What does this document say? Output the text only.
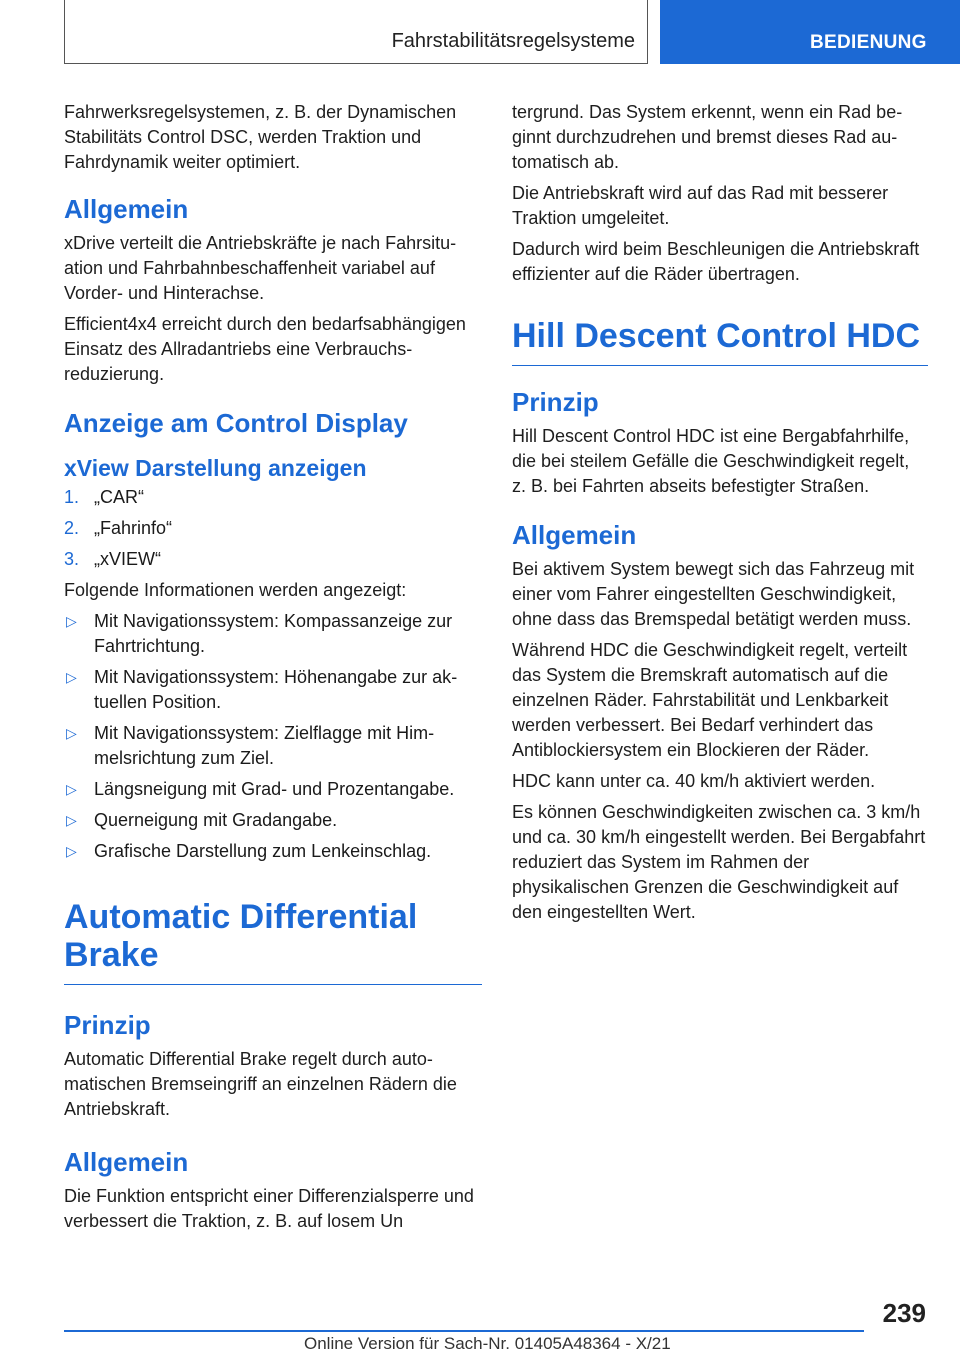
Fahrstabilitätsregelsysteme	BEDIENUNG

Fahrwerksregelsystemen, z. B. der Dynamischen Stabilitäts Control DSC, werden Traktion und Fahrdynamik weiter optimiert.

Allgemein

xDrive verteilt die Antriebskräfte je nach Fahrsituation und Fahrbahnbeschaffenheit variabel auf Vorder- und Hinterachse.

Efficient4x4 erreicht durch den bedarfsabhängigen Einsatz des Allradantriebs eine Verbrauchsreduzierung.

Anzeige am Control Display
xView Darstellung anzeigen
1. „CAR“
2. „Fahrinfo“
3. „xVIEW“

Folgende Informationen werden angezeigt:

▷ Mit Navigationssystem: Kompassanzeige zur Fahrtrichtung.
▷ Mit Navigationssystem: Höhenangabe zur aktuellen Position.
▷ Mit Navigationssystem: Zielflagge mit Himmelsrichtung zum Ziel.
▷ Längsneigung mit Grad- und Prozentangabe.
▷ Querneigung mit Gradangabe.
▷ Grafische Darstellung zum Lenkeinschlag.
Automatic Differential Brake
Prinzip

Automatic Differential Brake regelt durch automatischen Bremseingriff an einzelnen Rädern die Antriebskraft.

Allgemein

Die Funktion entspricht einer Differenzialsperre und verbessert die Traktion, z. B. auf losem Un

tergrund. Das System erkennt, wenn ein Rad beginnt durchzudrehen und bremst dieses Rad automatisch ab.

Die Antriebskraft wird auf das Rad mit besserer Traktion umgeleitet.

Dadurch wird beim Beschleunigen die Antriebskraft effizienter auf die Räder übertragen.

Hill Descent Control HDC
Prinzip

Hill Descent Control HDC ist eine Bergabfahrhilfe, die bei steilem Gefälle die Geschwindigkeit regelt, z. B. bei Fahrten abseits befestigter Straßen.

Allgemein

Bei aktivem System bewegt sich das Fahrzeug mit einer vom Fahrer eingestellten Geschwindigkeit, ohne dass das Bremspedal betätigt werden muss.

Während HDC die Geschwindigkeit regelt, verteilt das System die Bremskraft automatisch auf die einzelnen Räder. Fahrstabilität und Lenkbarkeit werden verbessert. Bei Bedarf verhindert das Antiblockiersystem ein Blockieren der Räder.

HDC kann unter ca. 40 km/h aktiviert werden.

Es können Geschwindigkeiten zwischen ca. 3 km/h und ca. 30 km/h eingestellt werden. Bei Bergabfahrt reduziert das System im Rahmen der physikalischen Grenzen die Geschwindigkeit auf den eingestellten Wert.

239
Online Version für Sach-Nr. 01405A48364 - X/21
